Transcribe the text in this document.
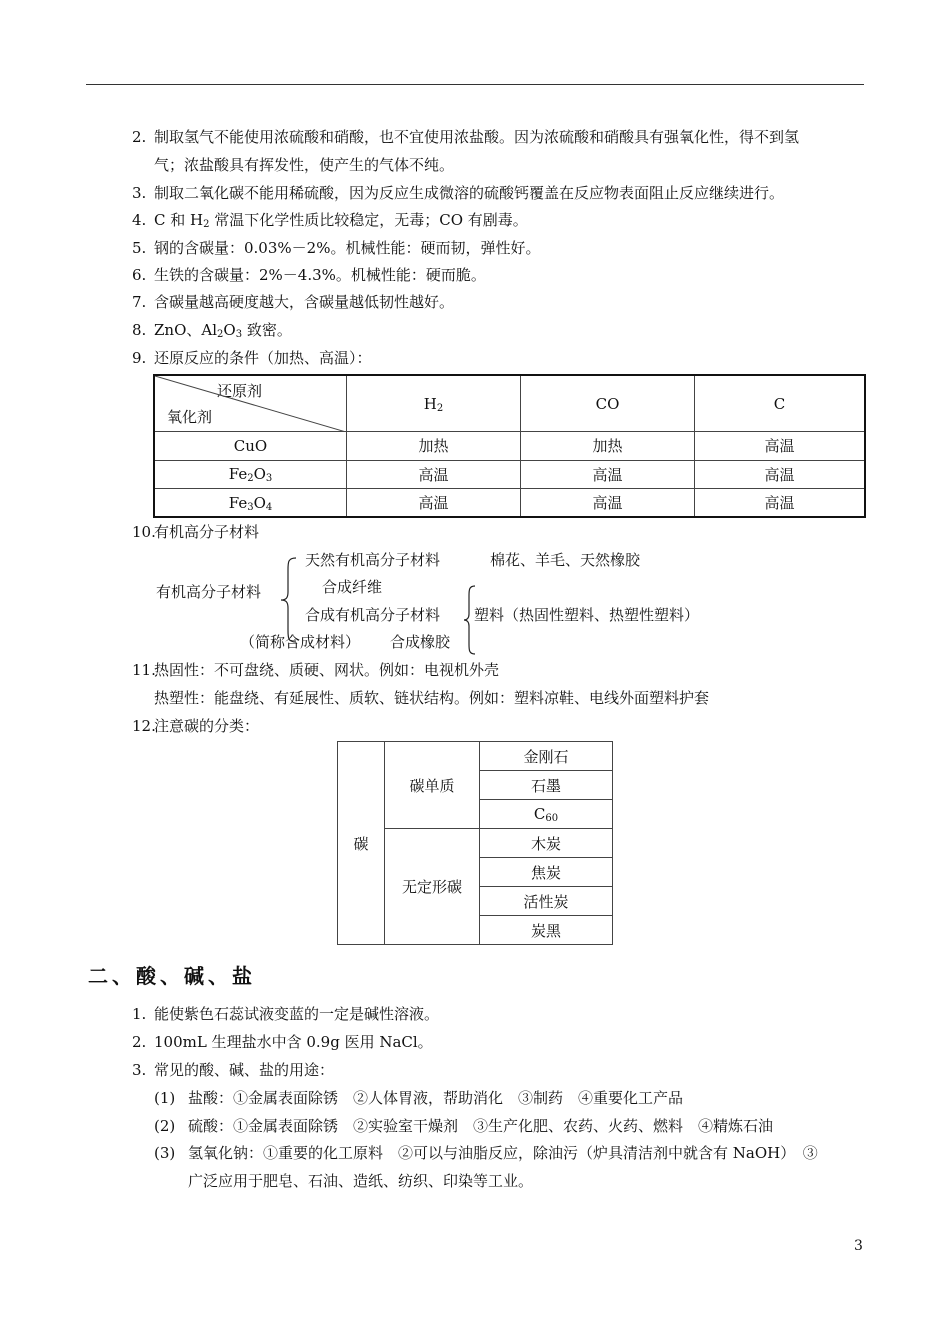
2. 制取氢气不能使用浓硫酸和硝酸，也不宜使用浓盐酸。因为浓硫酸和硝酸具有强氧化性，得不到氢
气；浓盐酸具有挥发性，使产生的气体不纯。
3. 制取二氧化碳不能用稀硫酸，因为反应生成微溶的硫酸钙覆盖在反应物表面阻止反应继续进行。
4. C 和 $H_2$ 常温下化学性质比较稳定，无毒；CO 有剧毒。
5. 钢的含碳量：0.03%－2%。机械性能：硬而韧，弹性好。
6. 生铁的含碳量：2%－4.3%。机械性能：硬而脆。
7. 含碳量越高硬度越大，含碳量越低韧性越好。
8. ZnO、$Al_2O_3$ 致密。
9. 还原反应的条件（加热、高温）：
还原剂
氧化剂	$H_2$	CO	C
CuO	加热	加热	高温
$Fe_2O_3$	高温	高温	高温
$Fe_3O_4$	高温	高温	高温
10.有机高分子材料
天然有机高分子材料	棉花、羊毛、天然橡胶
有机高分子材料	合成纤维
合成有机高分子材料 塑料（热固性塑料、热塑性塑料）
（简称合成材料） 合成橡胶
11.热固性：不可盘绕、质硬、网状。例如：电视机外壳
热塑性：能盘绕、有延展性、质软、链状结构。例如：塑料凉鞋、电线外面塑料护套
12.注意碳的分类：
碳	碳单质	金刚石
		石墨
		$C_{60}$
	无定形碳	木炭
		焦炭
		活性炭
		炭黑
二、酸、碱、盐
1. 能使紫色石蕊试液变蓝的一定是碱性溶液。
2. 100mL 生理盐水中含 0.9g 医用 NaCl。
3. 常见的酸、碱、盐的用途：
(1) 盐酸：①金属表面除锈　②人体胃液，帮助消化　③制药　④重要化工产品
(2) 硫酸：①金属表面除锈　②实验室干燥剂　③生产化肥、农药、火药、燃料　④精炼石油
(3) 氢氧化钠：①重要的化工原料　②可以与油脂反应，除油污（炉具清洁剂中就含有 NaOH）　③
广泛应用于肥皂、石油、造纸、纺织、印染等工业。
3
